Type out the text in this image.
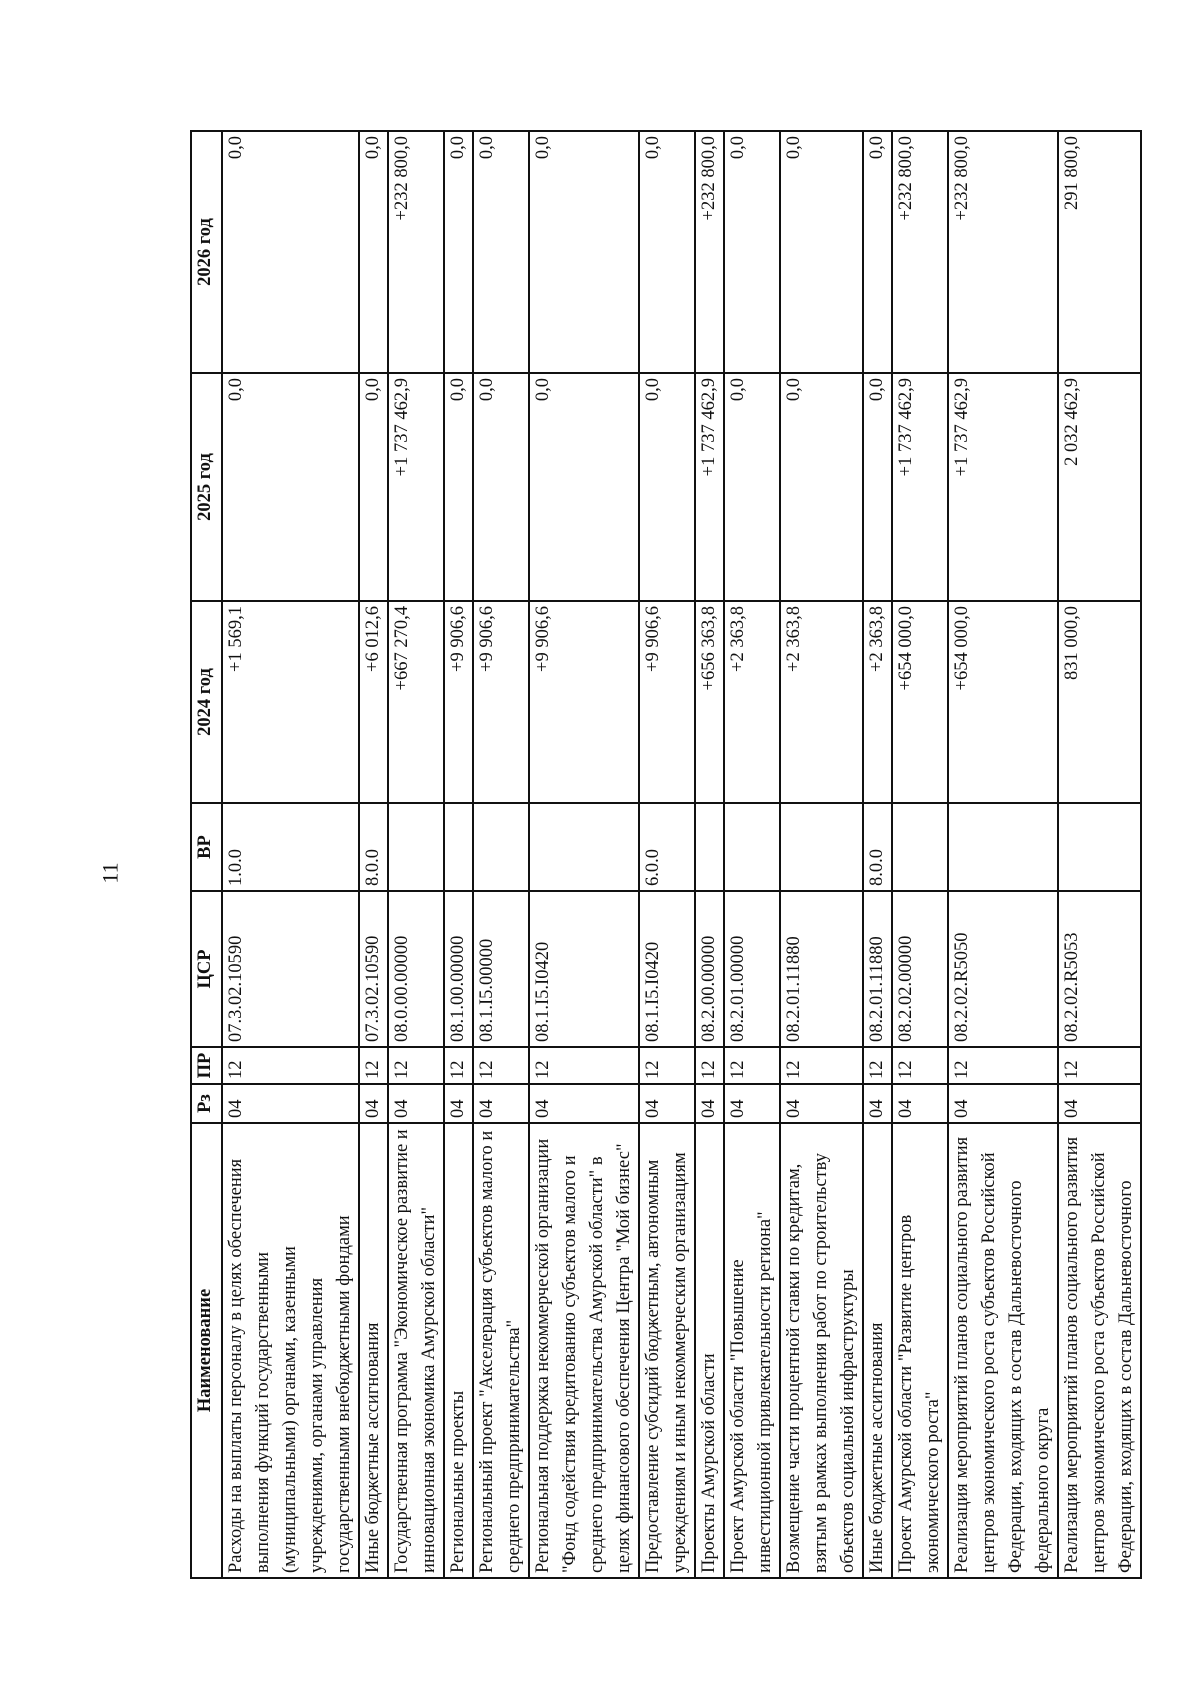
11
Наименование	Рз	ПР	ЦСР	ВР	2024 год	2025 год	2026 год
Расходы на выплаты персоналу в целях обеспечения выполнения функций государственными (муниципальными) органами, казенными учреждениями, органами управления государственными внебюджетными фондами	04	12	07.3.02.10590	1.0.0	+1 569,1	0,0	0,0
Иные бюджетные ассигнования	04	12	07.3.02.10590	8.0.0	+6 012,6	0,0	0,0
Государственная программа "Экономическое развитие и инновационная экономика Амурской области"	04	12	08.0.00.00000		+667 270,4	+1 737 462,9	+232 800,0
Региональные проекты	04	12	08.1.00.00000		+9 906,6	0,0	0,0
Региональный проект "Акселерация субъектов малого и среднего предпринимательства"	04	12	08.1.I5.00000		+9 906,6	0,0	0,0
Региональная поддержка некоммерческой организации "Фонд содействия кредитованию субъектов малого и среднего предпринимательства Амурской области" в целях финансового обеспечения Центра "Мой бизнес"	04	12	08.1.I5.I0420		+9 906,6	0,0	0,0
Предоставление субсидий бюджетным, автономным учреждениям и иным некоммерческим организациям	04	12	08.1.I5.I0420	6.0.0	+9 906,6	0,0	0,0
Проекты Амурской области	04	12	08.2.00.00000		+656 363,8	+1 737 462,9	+232 800,0
Проект Амурской области "Повышение инвестиционной привлекательности региона"	04	12	08.2.01.00000		+2 363,8	0,0	0,0
Возмещение части процентной ставки по кредитам, взятым в рамках выполнения работ по строительству объектов социальной инфраструктуры	04	12	08.2.01.11880		+2 363,8	0,0	0,0
Иные бюджетные ассигнования	04	12	08.2.01.11880	8.0.0	+2 363,8	0,0	0,0
Проект Амурской области "Развитие центров экономического роста"	04	12	08.2.02.00000		+654 000,0	+1 737 462,9	+232 800,0
Реализация мероприятий планов социального развития центров экономического роста субъектов Российской Федерации, входящих в состав Дальневосточного федерального округа	04	12	08.2.02.R5050		+654 000,0	+1 737 462,9	+232 800,0
Реализация мероприятий планов социального развития центров экономического роста субъектов Российской Федерации, входящих в состав Дальневосточного	04	12	08.2.02.R5053		831 000,0	2 032 462,9	291 800,0
